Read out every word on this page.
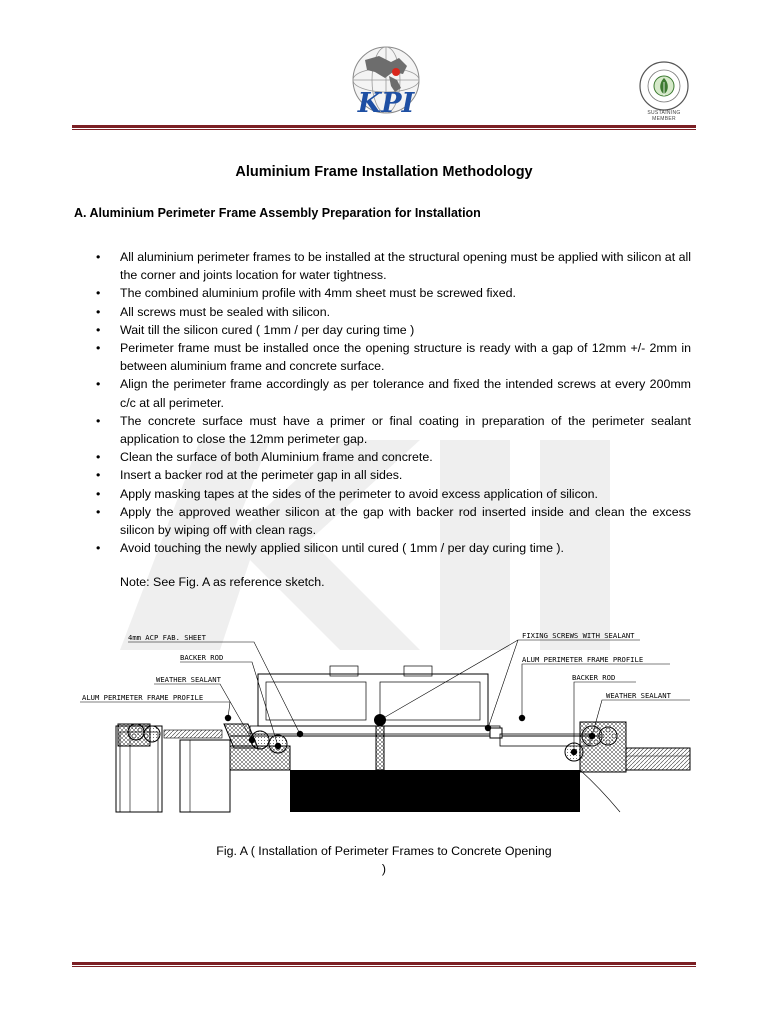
KPI	SUSTAINING MEMBER
Aluminium Frame Installation Methodology
A. Aluminium Perimeter Frame Assembly Preparation for Installation
• All aluminium perimeter frames to be installed at the structural opening must be applied with silicon at all the corner and joints location for water tightness.
• The combined aluminium profile with 4mm sheet must be screwed fixed.
• All screws must be sealed with silicon.
• Wait till the silicon cured ( 1mm / per day curing time )
• Perimeter frame must be installed once the opening structure is ready with a gap of 12mm +/- 2mm in between aluminium frame and concrete surface.
• Align the perimeter frame accordingly as per tolerance and fixed the intended screws at every 200mm c/c at all perimeter.
• The concrete surface must have a primer or final coating in preparation of the perimeter sealant application to close the 12mm perimeter gap.
• Clean the surface of both Aluminium frame and concrete.
• Insert a backer rod at the perimeter gap in all sides.
• Apply masking tapes at the sides of the perimeter to avoid excess application of silicon.
• Apply the approved weather silicon at the gap with backer rod inserted inside and clean the excess silicon by wiping off with clean rags.
• Avoid touching the newly applied silicon until cured ( 1mm / per day curing time ).
Note: See Fig. A as reference sketch.
4mm ACP FAB. SHEET
BACKER ROD
WEATHER SEALANT
ALUM PERIMETER FRAME PROFILE
FIXING SCREWS WITH SEALANT
ALUM PERIMETER FRAME PROFILE
BACKER ROD
WEATHER SEALANT
Fig. A ( Installation of Perimeter Frames to Concrete Opening
)
